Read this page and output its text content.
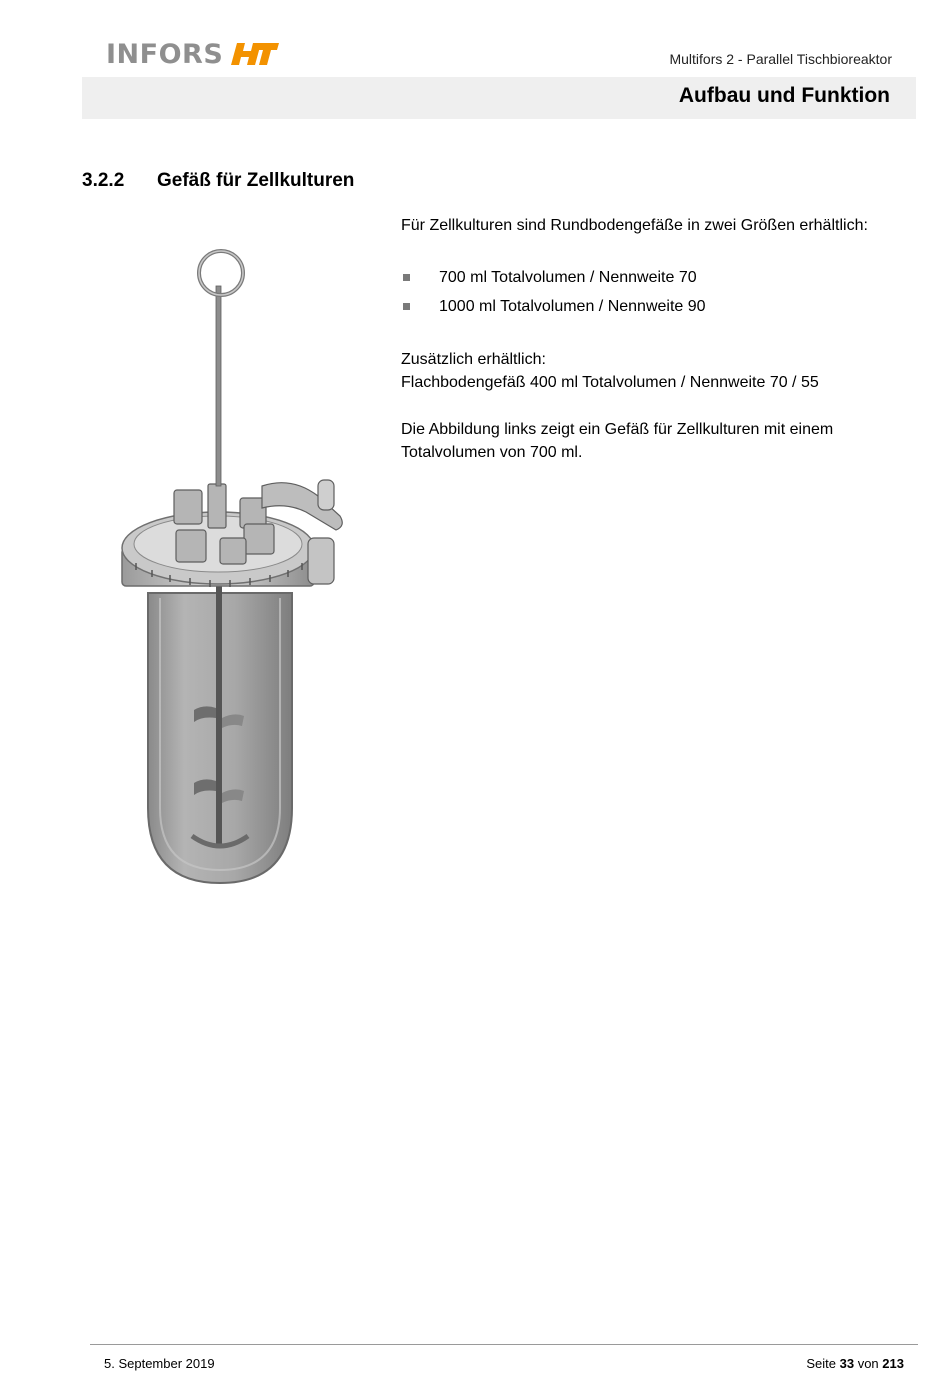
INFORS	Multifors 2 - Parallel Tischbioreaktor
Aufbau und Funktion
3.2.2 Gefäß für Zellkulturen
Für Zellkulturen sind Rundbodengefäße in zwei Größen erhältlich:
700 ml Totalvolumen / Nennweite 70
1000 ml Totalvolumen / Nennweite 90
Zusätzlich erhältlich:
Flachbodengefäß 400 ml Totalvolumen / Nennweite 70 / 55
Die Abbildung links zeigt ein Gefäß für Zellkulturen mit einem Totalvolumen von 700 ml.
5. September 2019	Seite 33 von 213
